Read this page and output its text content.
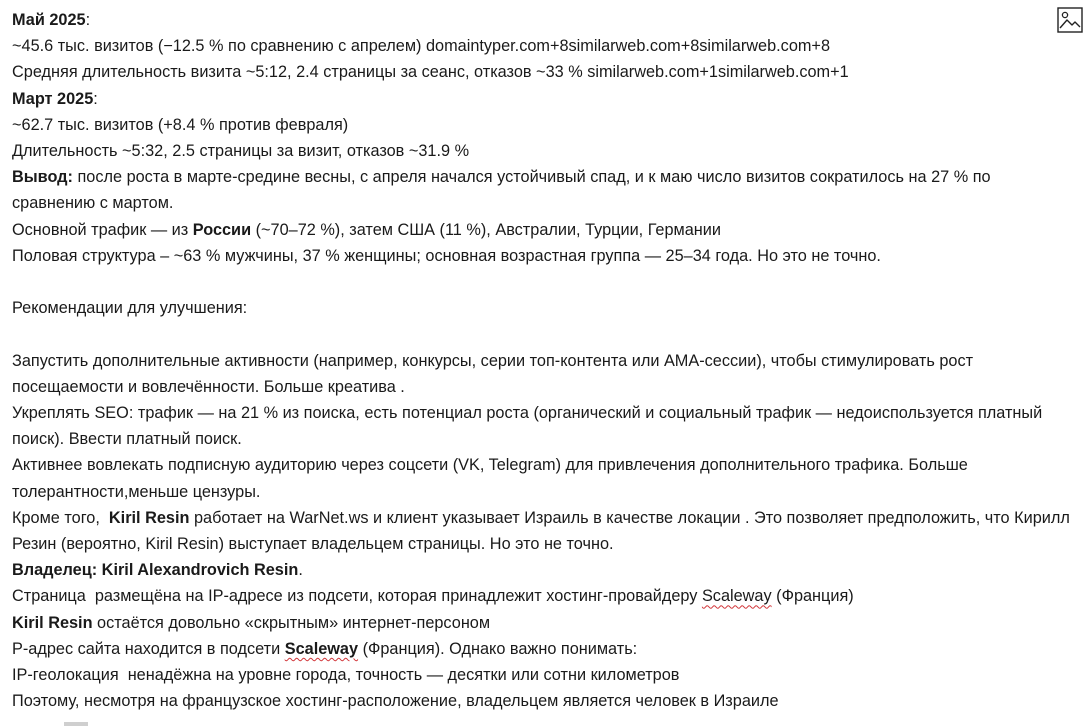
Май 2025:
~45.6 тыс. визитов (−12.5 % по сравнению с апрелем) domaintyper.com+8similarweb.com+8similarweb.com+8
Средняя длительность визита ~5:12, 2.4 страницы за сеанс, отказов ~33 % similarweb.com+1similarweb.com+1
Март 2025:
~62.7 тыс. визитов (+8.4 % против февраля)
Длительность ~5:32, 2.5 страницы за визит, отказов ~31.9 %
Вывод: после роста в марте-средине весны, с апреля начался устойчивый спад, и к маю число визитов сократилось на 27 % по сравнению с мартом.
Основной трафик — из России (~70–72 %), затем США (11 %), Австралии, Турции, Германии
Половая структура – ~63 % мужчины, 37 % женщины; основная возрастная группа — 25–34 года. Но это не точно.
Рекомендации для улучшения:
Запустить дополнительные активности (например, конкурсы, серии топ-контента или АМА-сессии), чтобы стимулировать рост посещаемости и вовлечённости. Больше креатива .
Укреплять SEO: трафик — на 21 % из поиска, есть потенциал роста (органический и социальный трафик — недоиспользуется платный поиск). Ввести платный поиск.
Активнее вовлекать подписную аудиторию через соцсети (VK, Telegram) для привлечения дополнительного трафика. Больше толерантности,меньше цензуры.
Кроме того,  Kiril Resin работает на WarNet.ws и клиент указывает Израиль в качестве локации . Это позволяет предположить, что Кирилл Резин (вероятно, Kiril Resin) выступает владельцем страницы. Но это не точно.
Владелец: Kiril Alexandrovich Resin.
Страница  размещёна на IP-адресе из подсети, которая принадлежит хостинг-провайдеру Scaleway (Франция)
Kiril Resin остаётся довольно «скрытным» интернет-персоном
Р-адрес сайта находится в подсети Scaleway (Франция). Однако важно понимать:
IP-геолокация  ненадёжна на уровне города, точность — десятки или сотни километров
Поэтому, несмотря на французское хостинг-расположение, владельцем является человек в Израиле
